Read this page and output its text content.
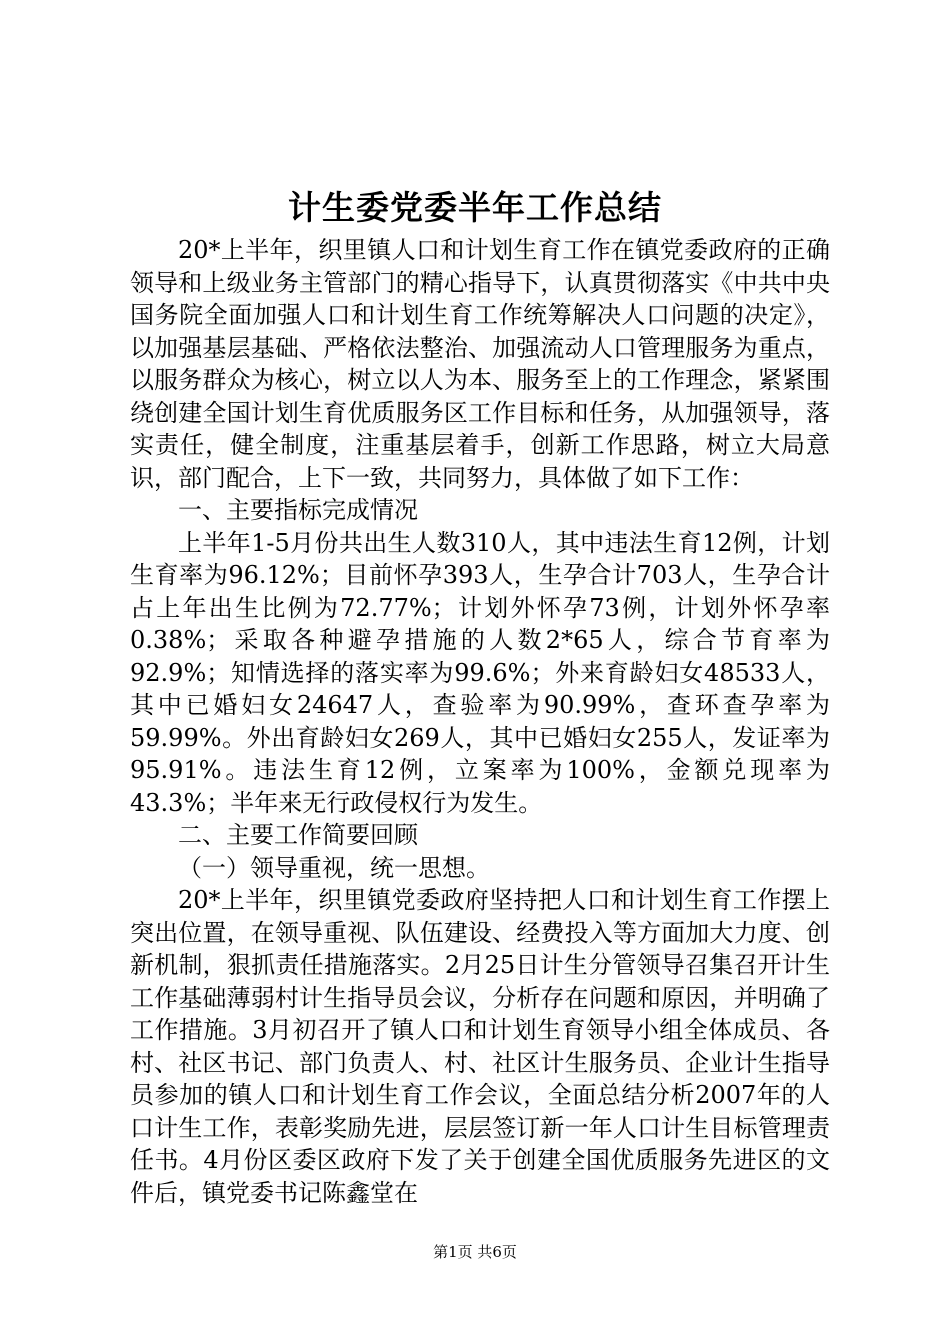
计生委党委半年工作总结

20*上半年，织里镇人口和计划生育工作在镇党委政府的正确领导和上级业务主管部门的精心指导下，认真贯彻落实《中共中央国务院全面加强人口和计划生育工作统筹解决人口问题的决定》，以加强基层基础、严格依法整治、加强流动人口管理服务为重点，以服务群众为核心，树立以人为本、服务至上的工作理念，紧紧围绕创建全国计划生育优质服务区工作目标和任务，从加强领导，落实责任，健全制度，注重基层着手，创新工作思路，树立大局意识，部门配合，上下一致，共同努力，具体做了如下工作：

一、主要指标完成情况

上半年1-5月份共出生人数310人，其中违法生育12例，计划生育率为96.12%；目前怀孕393人，生孕合计703人，生孕合计占上年出生比例为72.77%；计划外怀孕73例，计划外怀孕率0.38%；采取各种避孕措施的人数2*65人，综合节育率为92.9%；知情选择的落实率为99.6%；外来育龄妇女48533人，其中已婚妇女24647人，查验率为90.99%，查环查孕率为59.99%。外出育龄妇女269人，其中已婚妇女255人，发证率为95.91%。违法生育12例，立案率为100%，金额兑现率为43.3%；半年来无行政侵权行为发生。

二、主要工作简要回顾

（一）领导重视，统一思想。

20*上半年，织里镇党委政府坚持把人口和计划生育工作摆上突出位置，在领导重视、队伍建设、经费投入等方面加大力度、创新机制，狠抓责任措施落实。2月25日计生分管领导召集召开计生工作基础薄弱村计生指导员会议，分析存在问题和原因，并明确了工作措施。3月初召开了镇人口和计划生育领导小组全体成员、各村、社区书记、部门负责人、村、社区计生服务员、企业计生指导员参加的镇人口和计划生育工作会议，全面总结分析2007年的人口计生工作，表彰奖励先进，层层签订新一年人口计生目标管理责任书。4月份区委区政府下发了关于创建全国优质服务先进区的文件后，镇党委书记陈鑫堂在

第1页 共6页
